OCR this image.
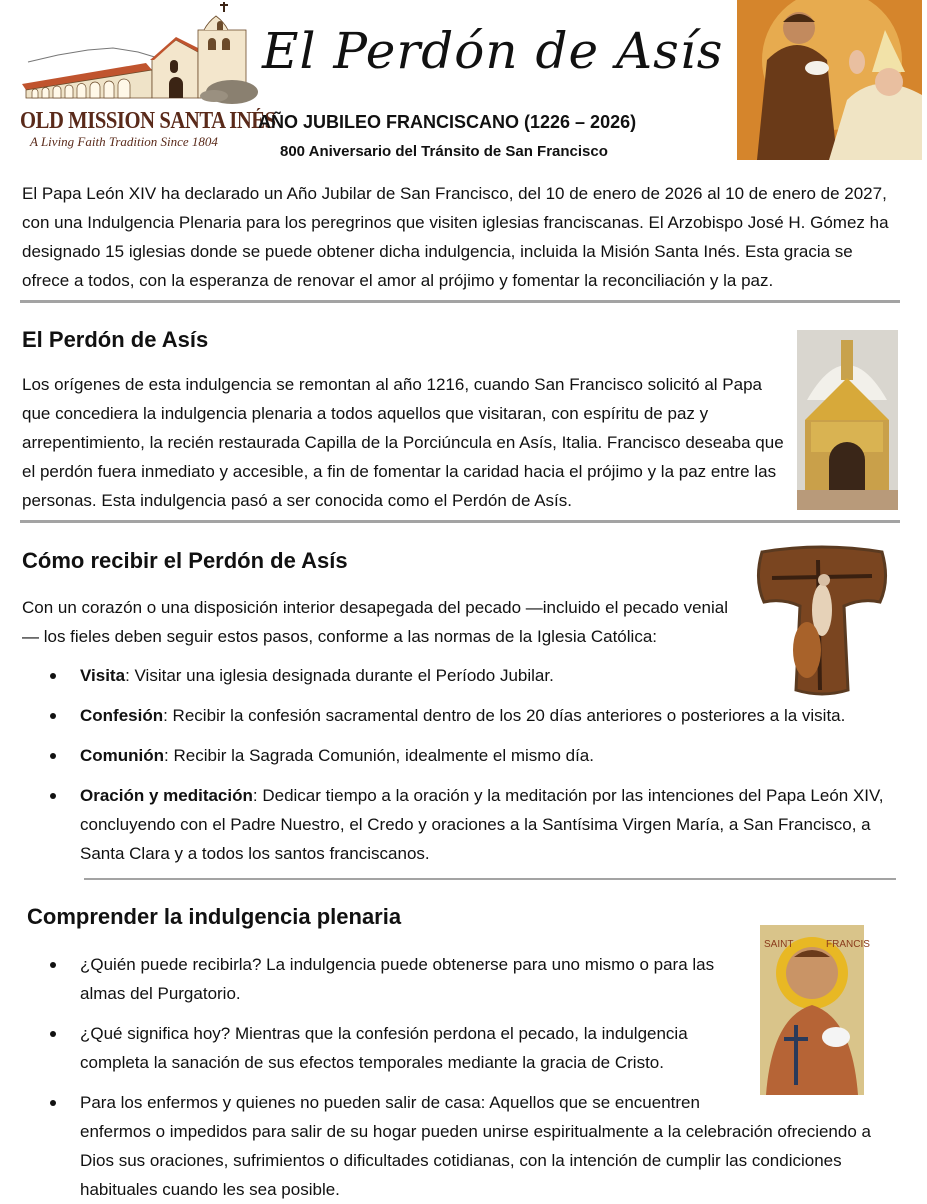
OLD MISSION SANTA INÉS
A Living Faith Tradition Since 1804
El Perdón de Asís
AÑO JUBILEO FRANCISCANO (1226 – 2026)
800 Aniversario del Tránsito de San Francisco

El Papa León XIV ha declarado un Año Jubilar de San Francisco, del 10 de enero de 2026 al 10 de enero de 2027, con una Indulgencia Plenaria para los peregrinos que visiten iglesias franciscanas. El Arzobispo José H. Gómez ha designado 15 iglesias donde se puede obtener dicha indulgencia, incluida la Misión Santa Inés. Esta gracia se ofrece a todos, con la esperanza de renovar el amor al prójimo y fomentar la reconciliación y la paz.

El Perdón de Asís

Los orígenes de esta indulgencia se remontan al año 1216, cuando San Francisco solicitó al Papa que concediera la indulgencia plenaria a todos aquellos que visitaran, con espíritu de paz y arrepentimiento, la recién restaurada Capilla de la Porciúncula en Asís, Italia. Francisco deseaba que el perdón fuera inmediato y accesible, a fin de fomentar la caridad hacia el prójimo y la paz entre las personas. Esta indulgencia pasó a ser conocida como el Perdón de Asís.

Cómo recibir el Perdón de Asís

Con un corazón o una disposición interior desapegada del pecado —incluido el pecado venial— los fieles deben seguir estos pasos, conforme a las normas de la Iglesia Católica:

Visita: Visitar una iglesia designada durante el Período Jubilar.
Confesión: Recibir la confesión sacramental dentro de los 20 días anteriores o posteriores a la visita.
Comunión: Recibir la Sagrada Comunión, idealmente el mismo día.
Oración y meditación: Dedicar tiempo a la oración y la meditación por las intenciones del Papa León XIV, concluyendo con el Padre Nuestro, el Credo y oraciones a la Santísima Virgen María, a San Francisco, a Santa Clara y a todos los santos franciscanos.
Comprender la indulgencia plenaria
SAINT	FRANCIS
¿Quién puede recibirla? La indulgencia puede obtenerse para uno mismo o para las almas del Purgatorio.
¿Qué significa hoy? Mientras que la confesión perdona el pecado, la indulgencia completa la sanación de sus efectos temporales mediante la gracia de Cristo.
Para los enfermos y quienes no pueden salir de casa: Aquellos que se encuentren
enfermos o impedidos para salir de su hogar pueden unirse espiritualmente a la celebración ofreciendo a Dios sus oraciones, sufrimientos o dificultades cotidianas, con la intención de cumplir las condiciones habituales cuando les sea posible.
